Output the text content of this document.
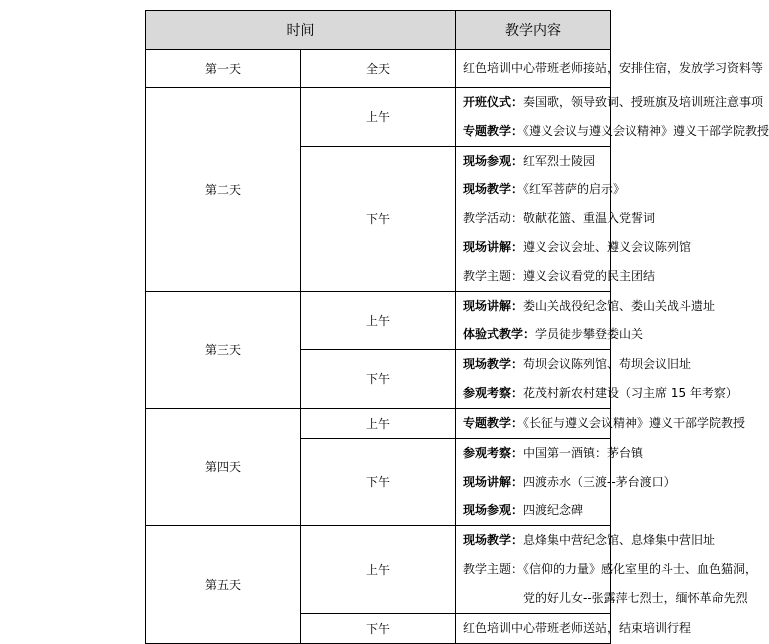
时间		教学内容
第一天	全天	红色培训中心带班老师接站，安排住宿，发放学习资料等

第二天	上午	开班仪式：奏国歌，领导致词、授班旗及培训班注意事项
专题教学：《遵义会议与遵义会议精神》遵义干部学院教授

	下午	现场参观：红军烈士陵园
现场教学：《红军菩萨的启示》
教学活动：敬献花篮、重温入党誓词
现场讲解：遵义会议会址、遵义会议陈列馆
教学主题：遵义会议看党的民主团结

第三天	上午	现场讲解：娄山关战役纪念馆、娄山关战斗遗址
体验式教学：学员徒步攀登娄山关

	下午	现场教学：苟坝会议陈列馆、苟坝会议旧址
参观考察：花茂村新农村建设（习主席 15 年考察）

第四天	上午	专题教学：《长征与遵义会议精神》遵义干部学院教授

	下午	参观考察：中国第一酒镇：茅台镇
现场讲解：四渡赤水（三渡--茅台渡口）
现场参观：四渡纪念碑

第五天	上午	现场教学：息烽集中营纪念馆、息烽集中营旧址
教学主题：《信仰的力量》感化室里的斗士、血色猫洞，
　　　　　党的好儿女--张露萍七烈士，缅怀革命先烈

	下午	红色培训中心带班老师送站，结束培训行程
